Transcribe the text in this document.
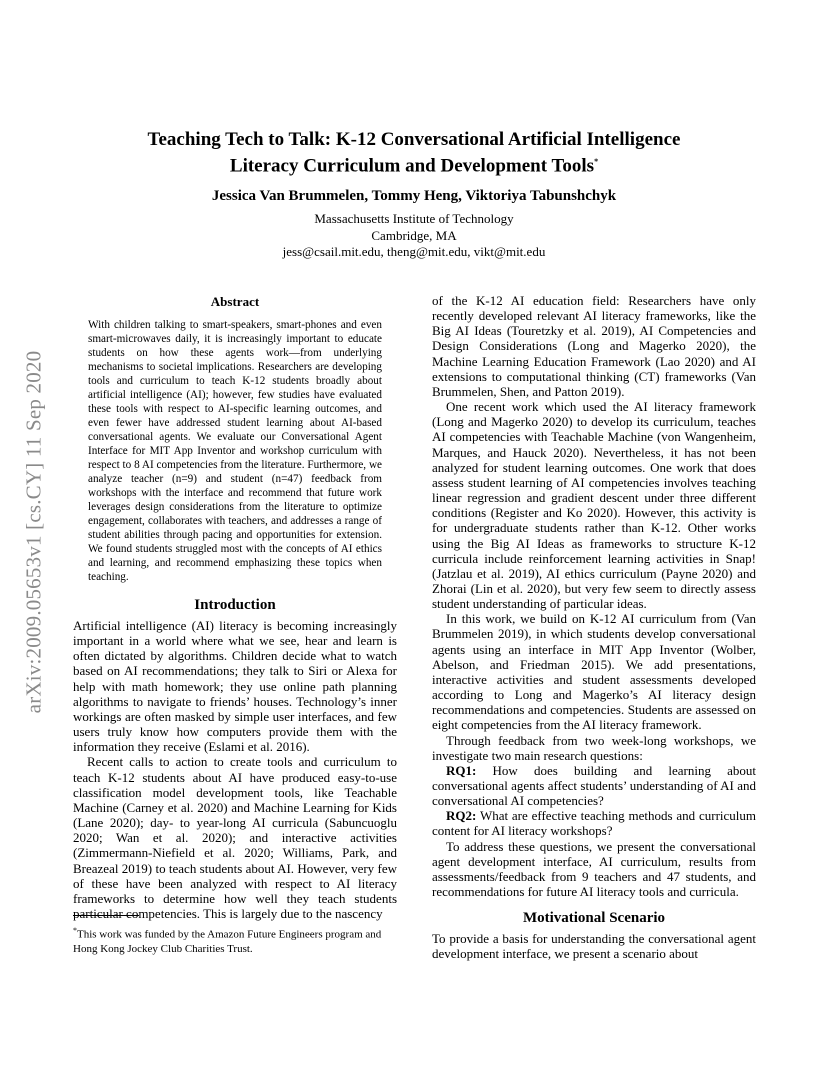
Teaching Tech to Talk: K-12 Conversational Artificial Intelligence
Literacy Curriculum and Development Tools*
Jessica Van Brummelen, Tommy Heng, Viktoriya Tabunshchyk
Massachusetts Institute of Technology
Cambridge, MA
jess@csail.mit.edu, theng@mit.edu, vikt@mit.edu
arXiv:2009.05653v1 [cs.CY] 11 Sep 2020
Abstract
With children talking to smart-speakers, smart-phones and even smart-microwaves daily, it is increasingly important to educate students on how these agents work—from underlying mechanisms to societal implications. Researchers are developing tools and curriculum to teach K-12 students broadly about artificial intelligence (AI); however, few studies have evaluated these tools with respect to AI-specific learning outcomes, and even fewer have addressed student learning about AI-based conversational agents. We evaluate our Conversational Agent Interface for MIT App Inventor and workshop curriculum with respect to 8 AI competencies from the literature. Furthermore, we analyze teacher (n=9) and student (n=47) feedback from workshops with the interface and recommend that future work leverages design considerations from the literature to optimize engagement, collaborates with teachers, and addresses a range of student abilities through pacing and opportunities for extension. We found students struggled most with the concepts of AI ethics and learning, and recommend emphasizing these topics when teaching.
Introduction

Artificial intelligence (AI) literacy is becoming increasingly important in a world where what we see, hear and learn is often dictated by algorithms. Children decide what to watch based on AI recommendations; they talk to Siri or Alexa for help with math homework; they use online path planning algorithms to navigate to friends’ houses. Technology’s inner workings are often masked by simple user interfaces, and few users truly know how computers provide them with the information they receive (Eslami et al. 2016).

Recent calls to action to create tools and curriculum to teach K-12 students about AI have produced easy-to-use classification model development tools, like Teachable Machine (Carney et al. 2020) and Machine Learning for Kids (Lane 2020); day- to year-long AI curricula (Sabuncuoglu 2020; Wan et al. 2020); and interactive activities (Zimmermann-Niefield et al. 2020; Williams, Park, and Breazeal 2019) to teach students about AI. However, very few of these have been analyzed with respect to AI literacy frameworks to determine how well they teach students particular competencies. This is largely due to the nascency

*This work was funded by the Amazon Future Engineers program and Hong Kong Jockey Club Charities Trust.

of the K-12 AI education field: Researchers have only recently developed relevant AI literacy frameworks, like the Big AI Ideas (Touretzky et al. 2019), AI Competencies and Design Considerations (Long and Magerko 2020), the Machine Learning Education Framework (Lao 2020) and AI extensions to computational thinking (CT) frameworks (Van Brummelen, Shen, and Patton 2019).

One recent work which used the AI literacy framework (Long and Magerko 2020) to develop its curriculum, teaches AI competencies with Teachable Machine (von Wangenheim, Marques, and Hauck 2020). Nevertheless, it has not been analyzed for student learning outcomes. One work that does assess student learning of AI competencies involves teaching linear regression and gradient descent under three different conditions (Register and Ko 2020). However, this activity is for undergraduate students rather than K-12. Other works using the Big AI Ideas as frameworks to structure K-12 curricula include reinforcement learning activities in Snap! (Jatzlau et al. 2019), AI ethics curriculum (Payne 2020) and Zhorai (Lin et al. 2020), but very few seem to directly assess student understanding of particular ideas.

In this work, we build on K-12 AI curriculum from (Van Brummelen 2019), in which students develop conversational agents using an interface in MIT App Inventor (Wolber, Abelson, and Friedman 2015). We add presentations, interactive activities and student assessments developed according to Long and Magerko’s AI literacy design recommendations and competencies. Students are assessed on eight competencies from the AI literacy framework.

Through feedback from two week-long workshops, we investigate two main research questions:

RQ1: How does building and learning about conversational agents affect students’ understanding of AI and conversational AI competencies?

RQ2: What are effective teaching methods and curriculum content for AI literacy workshops?

To address these questions, we present the conversational agent development interface, AI curriculum, results from assessments/feedback from 9 teachers and 47 students, and recommendations for future AI literacy tools and curricula.

Motivational Scenario

To provide a basis for understanding the conversational agent development interface, we present a scenario about
